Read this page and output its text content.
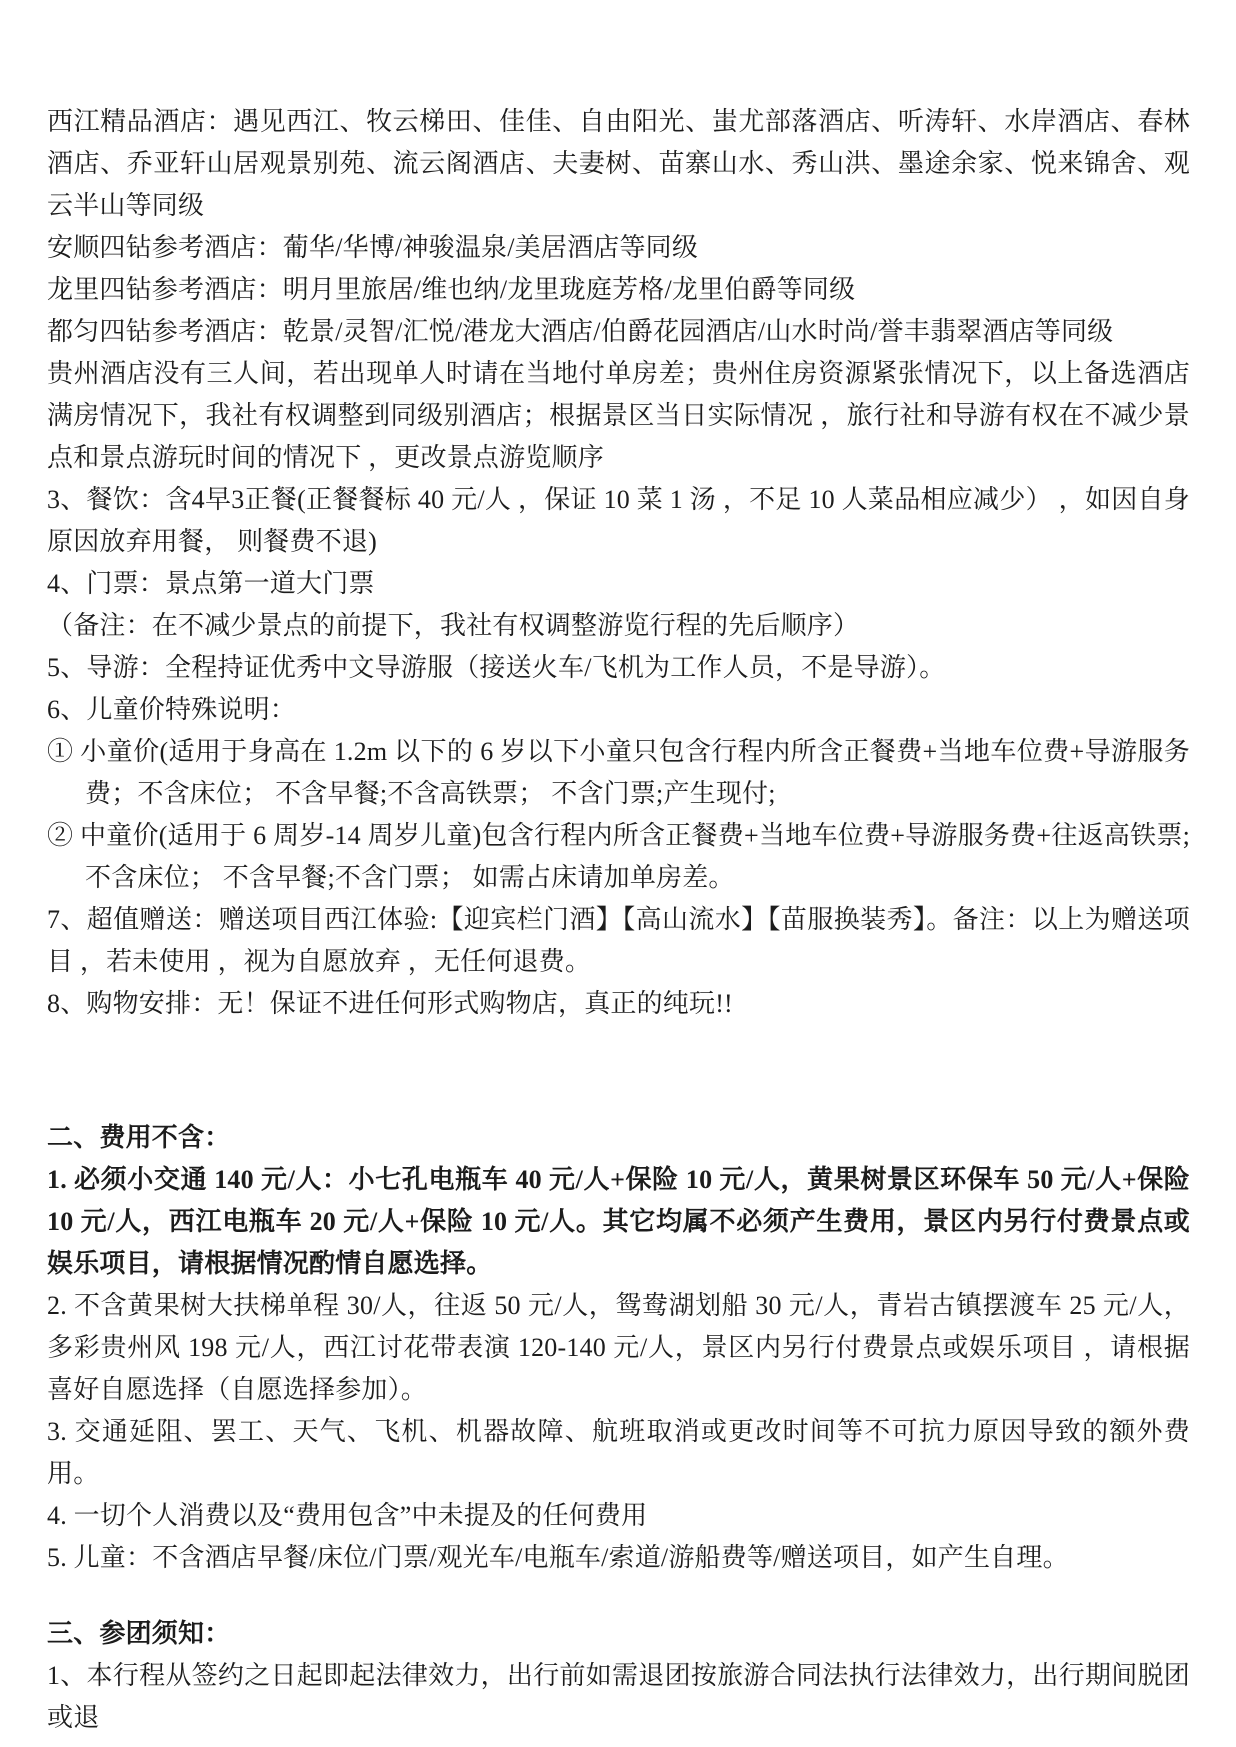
西江精品酒店：遇见西江、牧云梯田、佳佳、自由阳光、蚩尤部落酒店、听涛轩、水岸酒店、春林酒店、乔亚轩山居观景别苑、流云阁酒店、夫妻树、苗寨山水、秀山洪、墨途余家、悦来锦舍、观云半山等同级

安顺四钻参考酒店：葡华/华博/神骏温泉/美居酒店等同级

龙里四钻参考酒店：明月里旅居/维也纳/龙里珑庭芳格/龙里伯爵等同级

都匀四钻参考酒店：乾景/灵智/汇悦/港龙大酒店/伯爵花园酒店/山水时尚/誉丰翡翠酒店等同级

贵州酒店没有三人间，若出现单人时请在当地付单房差；贵州住房资源紧张情况下，以上备选酒店满房情况下，我社有权调整到同级别酒店；根据景区当日实际情况 ，旅行社和导游有权在不减少景点和景点游玩时间的情况下 ，更改景点游览顺序

3、餐饮：含4早3正餐(正餐餐标 40 元/人 ，保证 10 菜 1 汤 ，不足 10 人菜品相应减少） ，如因自身原因放弃用餐， 则餐费不退)

4、门票：景点第一道大门票

（备注：在不减少景点的前提下，我社有权调整游览行程的先后顺序）

5、导游：全程持证优秀中文导游服（接送火车/飞机为工作人员，不是导游）。

6、儿童价特殊说明：

① 小童价(适用于身高在 1.2m 以下的 6 岁以下小童只包含行程内所含正餐费+当地车位费+导游服务费；不含床位； 不含早餐;不含高铁票； 不含门票;产生现付;

② 中童价(适用于 6 周岁-14 周岁儿童)包含行程内所含正餐费+当地车位费+导游服务费+往返高铁票;不含床位； 不含早餐;不含门票； 如需占床请加单房差。

7、超值赠送：赠送项目西江体验:【迎宾栏门酒】【高山流水】【苗服换装秀】。备注：以上为赠送项目 ，若未使用 ，视为自愿放弃 ，无任何退费。

8、购物安排：无！保证不进任何形式购物店，真正的纯玩!!

二、费用不含：

1. 必须小交通 140 元/人：小七孔电瓶车 40 元/人+保险 10 元/人，黄果树景区环保车 50 元/人+保险 10 元/人，西江电瓶车 20 元/人+保险 10 元/人。其它均属不必须产生费用，景区内另行付费景点或娱乐项目，请根据情况酌情自愿选择。

2. 不含黄果树大扶梯单程 30/人，往返 50 元/人，鸳鸯湖划船 30 元/人，青岩古镇摆渡车 25 元/人，多彩贵州风 198 元/人，西江讨花带表演 120-140 元/人，景区内另行付费景点或娱乐项目 ，请根据喜好自愿选择（自愿选择参加）。

3. 交通延阻、罢工、天气、飞机、机器故障、航班取消或更改时间等不可抗力原因导致的额外费用。

4. 一切个人消费以及“费用包含”中未提及的任何费用

5. 儿童：不含酒店早餐/床位/门票/观光车/电瓶车/索道/游船费等/赠送项目，如产生自理。

三、参团须知：

1、本行程从签约之日起即起法律效力，出行前如需退团按旅游合同法执行法律效力，出行期间脱团或退
